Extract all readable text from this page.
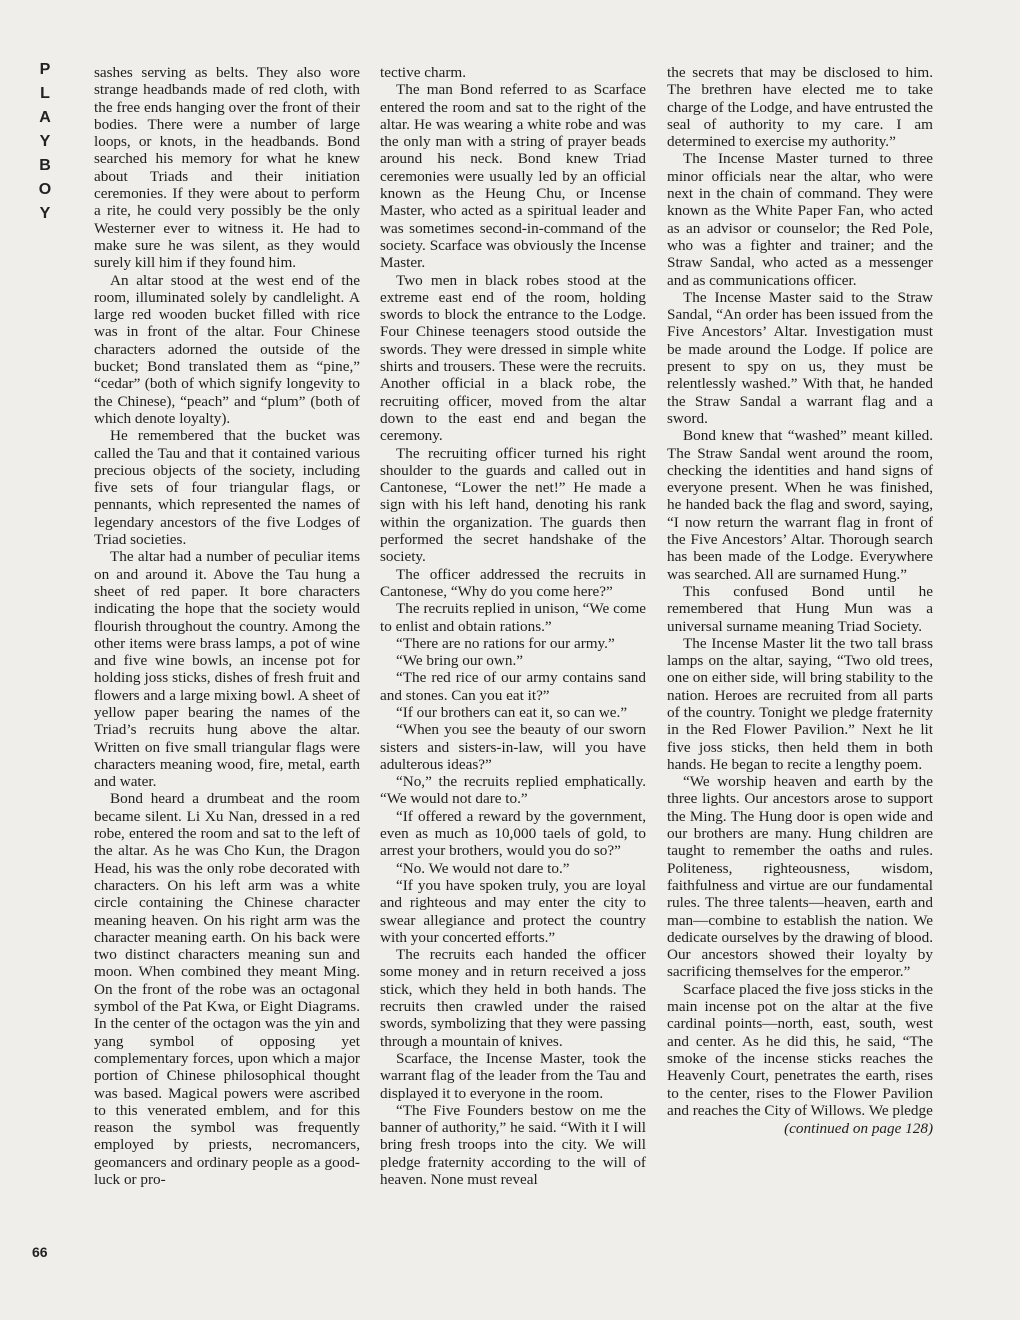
P
L
A
Y
B
O
Y

sashes serving as belts. They also wore strange headbands made of red cloth, with the free ends hanging over the front of their bodies. There were a number of large loops, or knots, in the headbands. Bond searched his memory for what he knew about Triads and their initiation ceremonies. If they were about to perform a rite, he could very possibly be the only Westerner ever to witness it. He had to make sure he was silent, as they would surely kill him if they found him.

An altar stood at the west end of the room, illuminated solely by candlelight. A large red wooden bucket filled with rice was in front of the altar. Four Chinese characters adorned the outside of the bucket; Bond translated them as “pine,” “cedar” (both of which signify longevity to the Chinese), “peach” and “plum” (both of which denote loyalty).

He remembered that the bucket was called the Tau and that it contained various precious objects of the society, including five sets of four triangular flags, or pennants, which represented the names of legendary ancestors of the five Lodges of Triad societies.

The altar had a number of peculiar items on and around it. Above the Tau hung a sheet of red paper. It bore characters indicating the hope that the society would flourish throughout the country. Among the other items were brass lamps, a pot of wine and five wine bowls, an incense pot for holding joss sticks, dishes of fresh fruit and flowers and a large mixing bowl. A sheet of yellow paper bearing the names of the Triad’s recruits hung above the altar. Written on five small triangular flags were characters meaning wood, fire, metal, earth and water.

Bond heard a drumbeat and the room became silent. Li Xu Nan, dressed in a red robe, entered the room and sat to the left of the altar. As he was Cho Kun, the Dragon Head, his was the only robe decorated with characters. On his left arm was a white circle containing the Chinese character meaning heaven. On his right arm was the character meaning earth. On his back were two distinct characters meaning sun and moon. When combined they meant Ming. On the front of the robe was an octagonal symbol of the Pat Kwa, or Eight Diagrams. In the center of the octagon was the yin and yang symbol of opposing yet complementary forces, upon which a major portion of Chinese philosophical thought was based. Magical powers were ascribed to this venerated emblem, and for this reason the symbol was frequently employed by priests, necromancers, geomancers and ordinary people as a good-luck or pro-

tective charm.

The man Bond referred to as Scarface entered the room and sat to the right of the altar. He was wearing a white robe and was the only man with a string of prayer beads around his neck. Bond knew Triad ceremonies were usually led by an official known as the Heung Chu, or Incense Master, who acted as a spiritual leader and was sometimes second-in-command of the society. Scarface was obviously the Incense Master.

Two men in black robes stood at the extreme east end of the room, holding swords to block the entrance to the Lodge. Four Chinese teenagers stood outside the swords. They were dressed in simple white shirts and trousers. These were the recruits. Another official in a black robe, the recruiting officer, moved from the altar down to the east end and began the ceremony.

The recruiting officer turned his right shoulder to the guards and called out in Cantonese, “Lower the net!” He made a sign with his left hand, denoting his rank within the organization. The guards then performed the secret handshake of the society.

The officer addressed the recruits in Cantonese, “Why do you come here?”

The recruits replied in unison, “We come to enlist and obtain rations.”

“There are no rations for our army.”

“We bring our own.”

“The red rice of our army contains sand and stones. Can you eat it?”

“If our brothers can eat it, so can we.”

“When you see the beauty of our sworn sisters and sisters-in-law, will you have adulterous ideas?”

“No,” the recruits replied emphatically. “We would not dare to.”

“If offered a reward by the government, even as much as 10,000 taels of gold, to arrest your brothers, would you do so?”

“No. We would not dare to.”

“If you have spoken truly, you are loyal and righteous and may enter the city to swear allegiance and protect the country with your concerted efforts.”

The recruits each handed the officer some money and in return received a joss stick, which they held in both hands. The recruits then crawled under the raised swords, symbolizing that they were passing through a mountain of knives.

Scarface, the Incense Master, took the warrant flag of the leader from the Tau and displayed it to everyone in the room.

“The Five Founders bestow on me the banner of authority,” he said. “With it I will bring fresh troops into the city. We will pledge fraternity according to the will of heaven. None must reveal

the secrets that may be disclosed to him. The brethren have elected me to take charge of the Lodge, and have entrusted the seal of authority to my care. I am determined to exercise my authority.”

The Incense Master turned to three minor officials near the altar, who were next in the chain of command. They were known as the White Paper Fan, who acted as an advisor or counselor; the Red Pole, who was a fighter and trainer; and the Straw Sandal, who acted as a messenger and as communications officer.

The Incense Master said to the Straw Sandal, “An order has been issued from the Five Ancestors’ Altar. Investigation must be made around the Lodge. If police are present to spy on us, they must be relentlessly washed.” With that, he handed the Straw Sandal a warrant flag and a sword.

Bond knew that “washed” meant killed. The Straw Sandal went around the room, checking the identities and hand signs of everyone present. When he was finished, he handed back the flag and sword, saying, “I now return the warrant flag in front of the Five Ancestors’ Altar. Thorough search has been made of the Lodge. Everywhere was searched. All are surnamed Hung.”

This confused Bond until he remembered that Hung Mun was a universal surname meaning Triad Society.

The Incense Master lit the two tall brass lamps on the altar, saying, “Two old trees, one on either side, will bring stability to the nation. Heroes are recruited from all parts of the country. Tonight we pledge fraternity in the Red Flower Pavilion.” Next he lit five joss sticks, then held them in both hands. He began to recite a lengthy poem.

“We worship heaven and earth by the three lights. Our ancestors arose to support the Ming. The Hung door is open wide and our brothers are many. Hung children are taught to remember the oaths and rules. Politeness, righteousness, wisdom, faithfulness and virtue are our fundamental rules. The three talents—heaven, earth and man—combine to establish the nation. We dedicate ourselves by the drawing of blood. Our ancestors showed their loyalty by sacrificing themselves for the emperor.”

Scarface placed the five joss sticks in the main incense pot on the altar at the five cardinal points—north, east, south, west and center. As he did this, he said, “The smoke of the incense sticks reaches the Heavenly Court, penetrates the earth, rises to the center, rises to the Flower Pavilion and reaches the City of Willows. We pledge

(continued on page 128)
66
